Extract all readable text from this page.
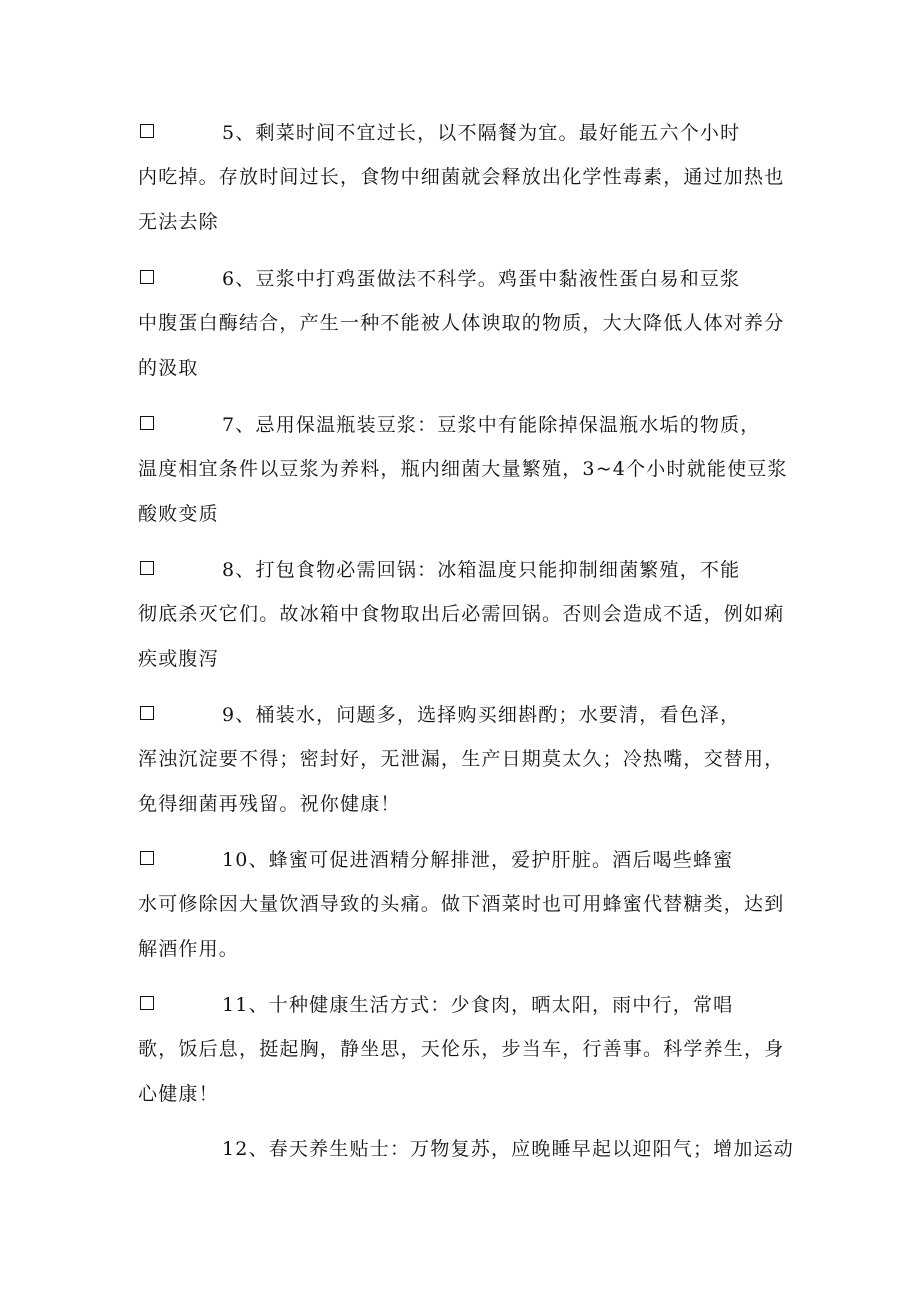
5、剩菜时间不宜过长，以不隔餐为宜。最好能五六个小时
内吃掉。存放时间过长，食物中细菌就会释放出化学性毒素，通过加热也
无法去除
6、豆浆中打鸡蛋做法不科学。鸡蛋中黏液性蛋白易和豆浆
中腹蛋白酶结合，产生一种不能被人体谀取的物质，大大降低人体对养分
的汲取
7、忌用保温瓶装豆浆：豆浆中有能除掉保温瓶水垢的物质，
温度相宜条件以豆浆为养料，瓶内细菌大量繁殖，3~4个小时就能使豆浆
酸败变质
8、打包食物必需回锅：冰箱温度只能抑制细菌繁殖，不能
彻底杀灭它们。故冰箱中食物取出后必需回锅。否则会造成不适，例如痢
疾或腹泻
9、桶装水，问题多，选择购买细斟酌；水要清，看色泽，
浑浊沉淀要不得；密封好，无泄漏，生产日期莫太久；冷热嘴，交替用，
免得细菌再残留。祝你健康！
10、蜂蜜可促进酒精分解排泄，爱护肝脏。酒后喝些蜂蜜
水可修除因大量饮酒导致的头痛。做下酒菜时也可用蜂蜜代替糖类，达到
解酒作用。
11、十种健康生活方式：少食肉，晒太阳，雨中行，常唱
歌，饭后息，挺起胸，静坐思，天伦乐，步当车，行善事。科学养生，身
心健康！
12、春天养生贴士：万物复苏，应晚睡早起以迎阳气；增加运动
